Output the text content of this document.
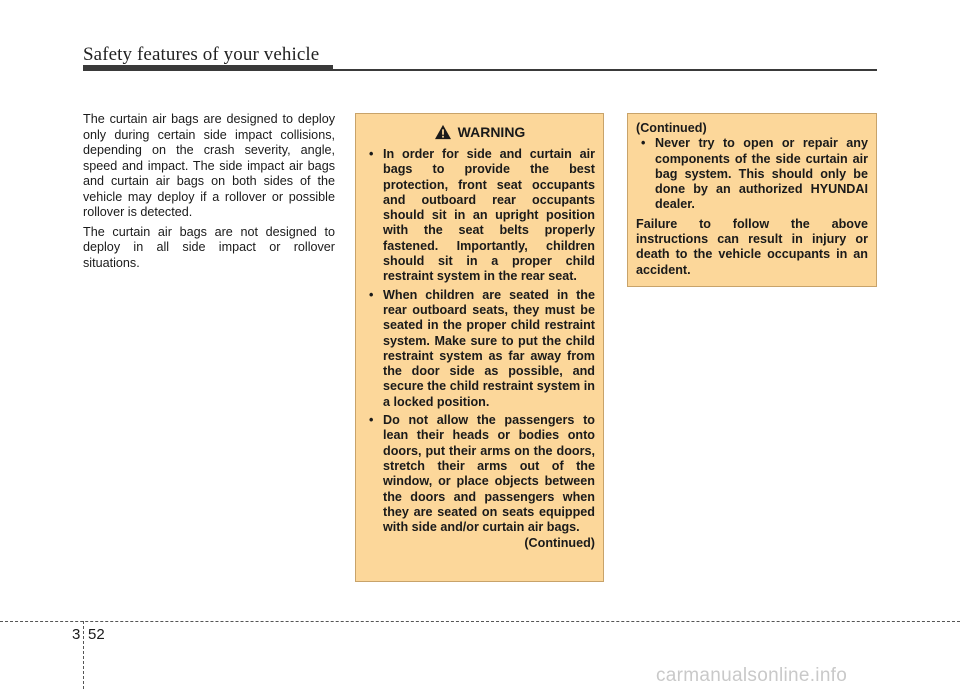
Safety features of your vehicle

The curtain air bags are designed to deploy only during certain side impact collisions, depending on the crash severity, angle, speed and impact. The side impact air bags and curtain air bags on both sides of the vehicle may deploy if a rollover or possible rollover is detected.

The curtain air bags are not designed to deploy in all side impact or rollover situations.

WARNING
• In order for side and curtain air bags to provide the best protection, front seat occupants and outboard rear occupants should sit in an upright position with the seat belts properly fastened. Importantly, children should sit in a proper child restraint system in the rear seat.
• When children are seated in the rear outboard seats, they must be seated in the proper child restraint system. Make sure to put the child restraint system as far away from the door side as possible, and secure the child restraint system in a locked position.
• Do not allow the passengers to lean their heads or bodies onto doors, put their arms on the doors, stretch their arms out of the window, or place objects between the doors and passengers when they are seated on seats equipped with side and/or curtain air bags.
(Continued)
(Continued)
• Never try to open or repair any components of the side curtain air bag system. This should only be done by an authorized HYUNDAI dealer.
Failure to follow the above instructions can result in injury or death to the vehicle occupants in an accident.
3 52
carmanualsonline.info
